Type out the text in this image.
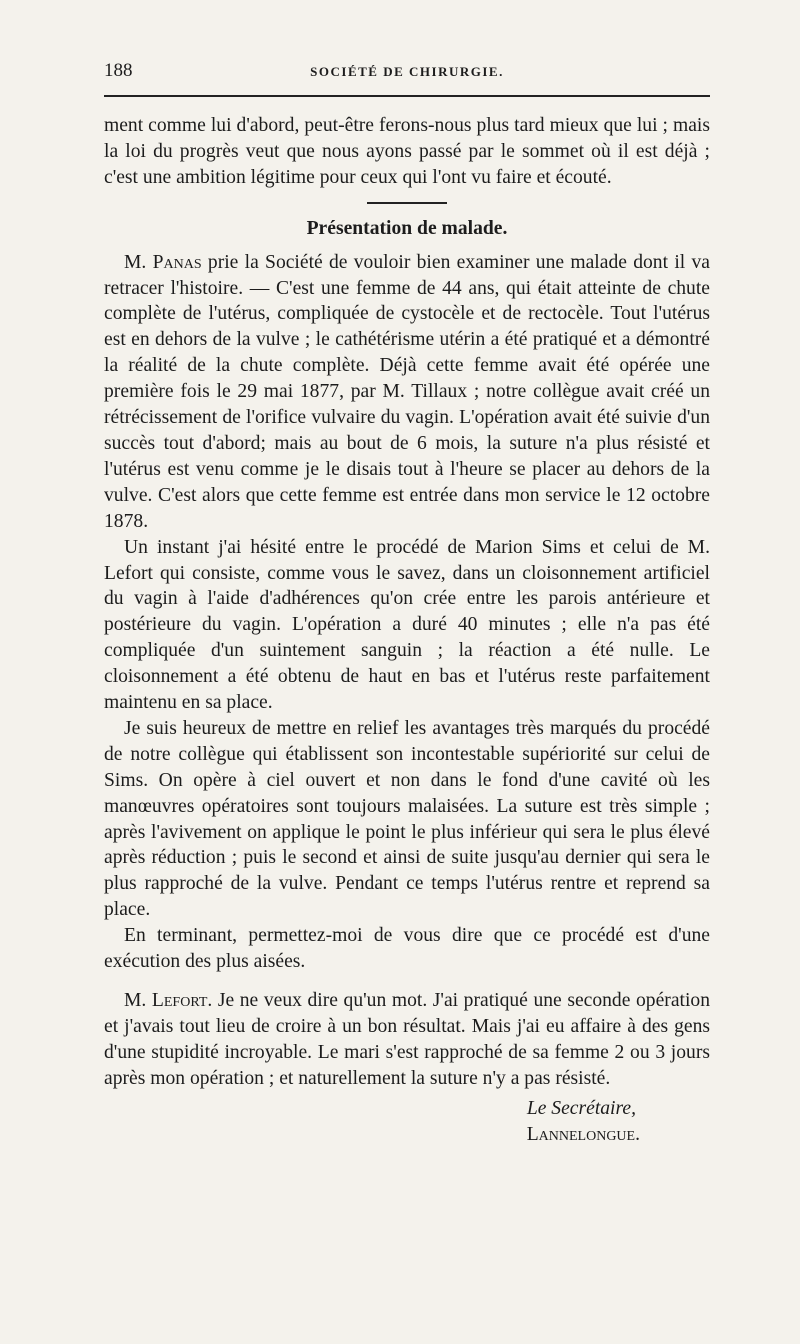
188	SOCIÉTÉ DE CHIRURGIE.

ment comme lui d'abord, peut-être ferons-nous plus tard mieux que lui ; mais la loi du progrès veut que nous ayons passé par le sommet où il est déjà ; c'est une ambition légitime pour ceux qui l'ont vu faire et écouté.

Présentation de malade.

M. Panas prie la Société de vouloir bien examiner une malade dont il va retracer l'histoire. — C'est une femme de 44 ans, qui était atteinte de chute complète de l'utérus, compliquée de cystocèle et de rectocèle. Tout l'utérus est en dehors de la vulve ; le cathétérisme utérin a été pratiqué et a démontré la réalité de la chute complète. Déjà cette femme avait été opérée une première fois le 29 mai 1877, par M. Tillaux ; notre collègue avait créé un rétrécissement de l'orifice vulvaire du vagin. L'opération avait été suivie d'un succès tout d'abord; mais au bout de 6 mois, la suture n'a plus résisté et l'utérus est venu comme je le disais tout à l'heure se placer au dehors de la vulve. C'est alors que cette femme est entrée dans mon service le 12 octobre 1878.

Un instant j'ai hésité entre le procédé de Marion Sims et celui de M. Lefort qui consiste, comme vous le savez, dans un cloisonnement artificiel du vagin à l'aide d'adhérences qu'on crée entre les parois antérieure et postérieure du vagin. L'opération a duré 40 minutes ; elle n'a pas été compliquée d'un suintement sanguin ; la réaction a été nulle. Le cloisonnement a été obtenu de haut en bas et l'utérus reste parfaitement maintenu en sa place.

Je suis heureux de mettre en relief les avantages très marqués du procédé de notre collègue qui établissent son incontestable supériorité sur celui de Sims. On opère à ciel ouvert et non dans le fond d'une cavité où les manœuvres opératoires sont toujours malaisées. La suture est très simple ; après l'avivement on applique le point le plus inférieur qui sera le plus élevé après réduction ; puis le second et ainsi de suite jusqu'au dernier qui sera le plus rapproché de la vulve. Pendant ce temps l'utérus rentre et reprend sa place.

En terminant, permettez-moi de vous dire que ce procédé est d'une exécution des plus aisées.

M. Lefort. Je ne veux dire qu'un mot. J'ai pratiqué une seconde opération et j'avais tout lieu de croire à un bon résultat. Mais j'ai eu affaire à des gens d'une stupidité incroyable. Le mari s'est rapproché de sa femme 2 ou 3 jours après mon opération ; et naturellement la suture n'y a pas résisté.

Le Secrétaire,
Lannelongue.
